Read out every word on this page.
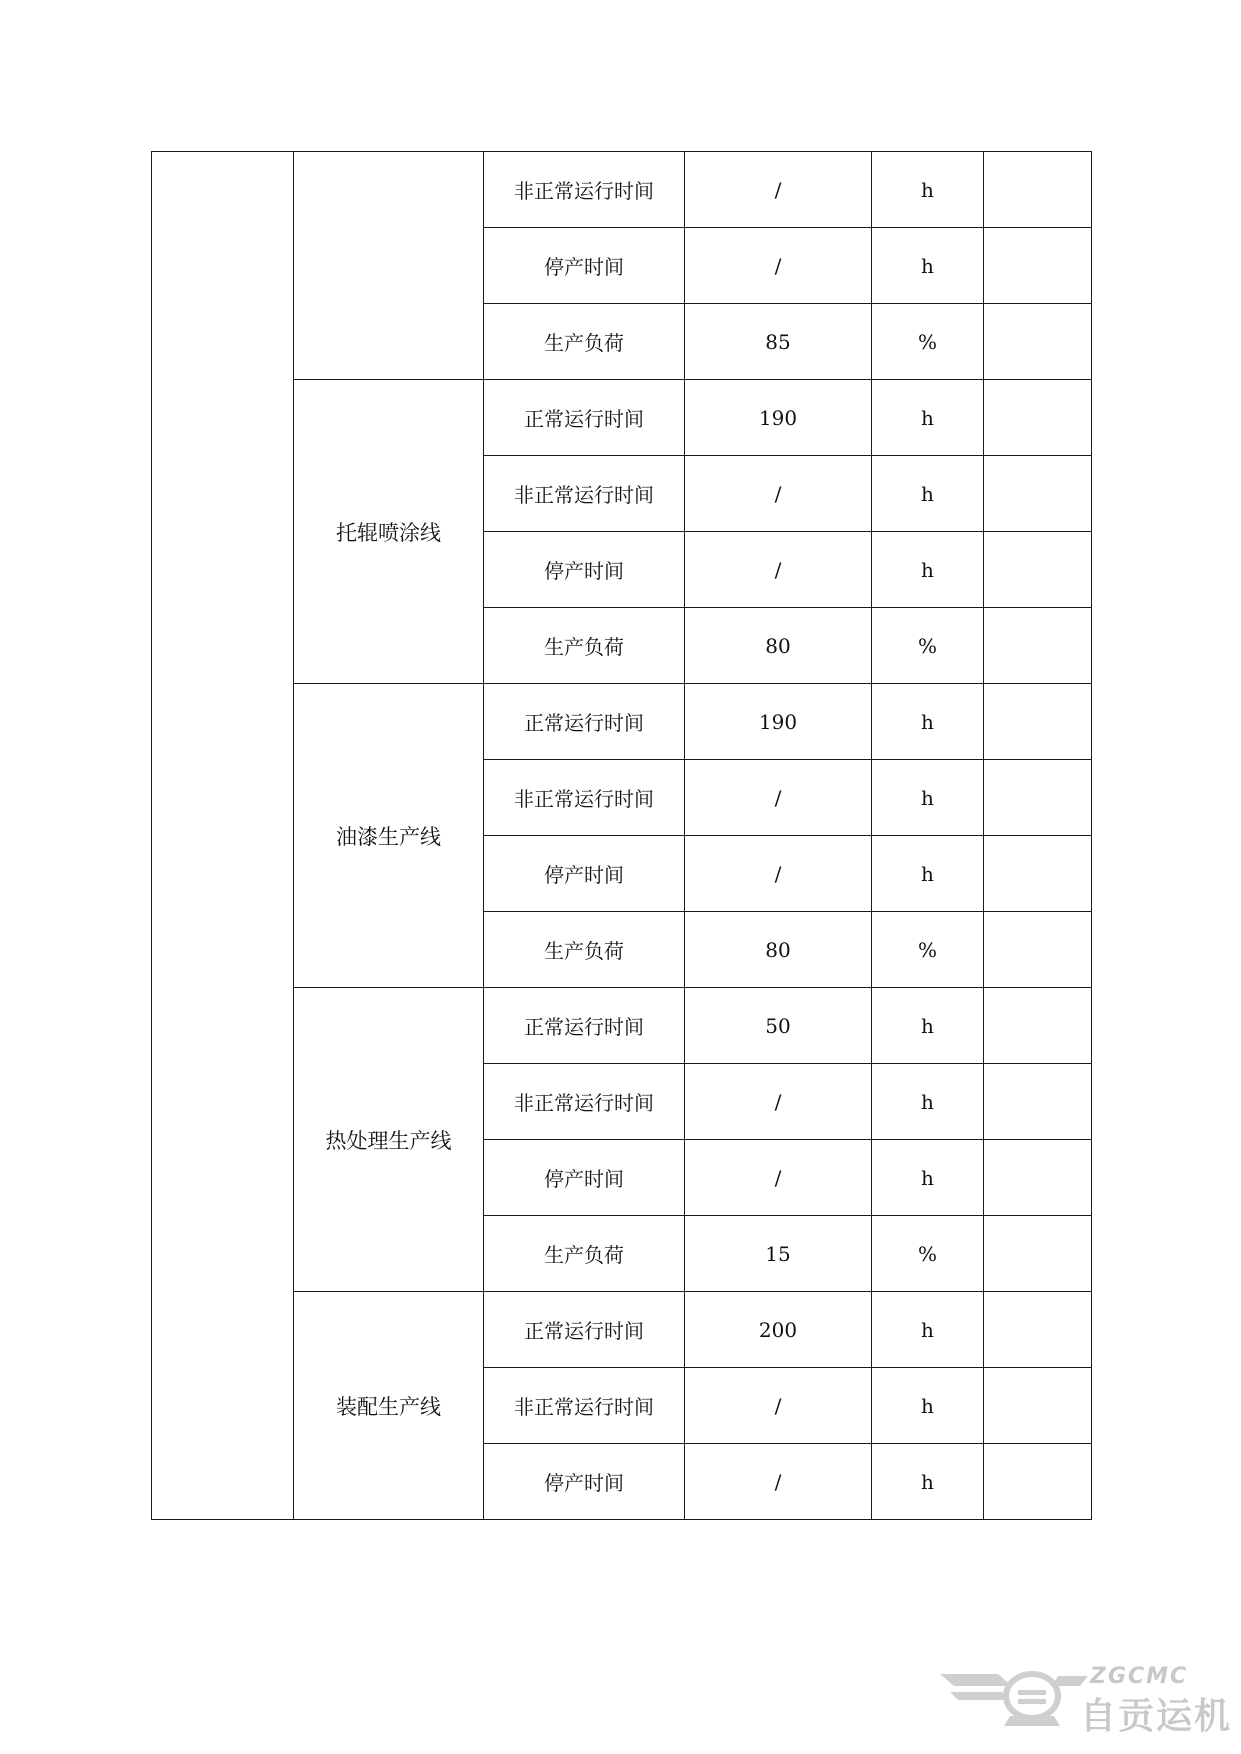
		非正常运行时间	/	h	
		停产时间	/	h	
		生产负荷	85	%	
	托辊喷涂线	正常运行时间	190	h	
		非正常运行时间	/	h	
		停产时间	/	h	
		生产负荷	80	%	
	油漆生产线	正常运行时间	190	h	
		非正常运行时间	/	h	
		停产时间	/	h	
		生产负荷	80	%	
	热处理生产线	正常运行时间	50	h	
		非正常运行时间	/	h	
		停产时间	/	h	
		生产负荷	15	%	
	装配生产线	正常运行时间	200	h	
		非正常运行时间	/	h	
		停产时间	/	h	
ZGCMC
自贡运机
